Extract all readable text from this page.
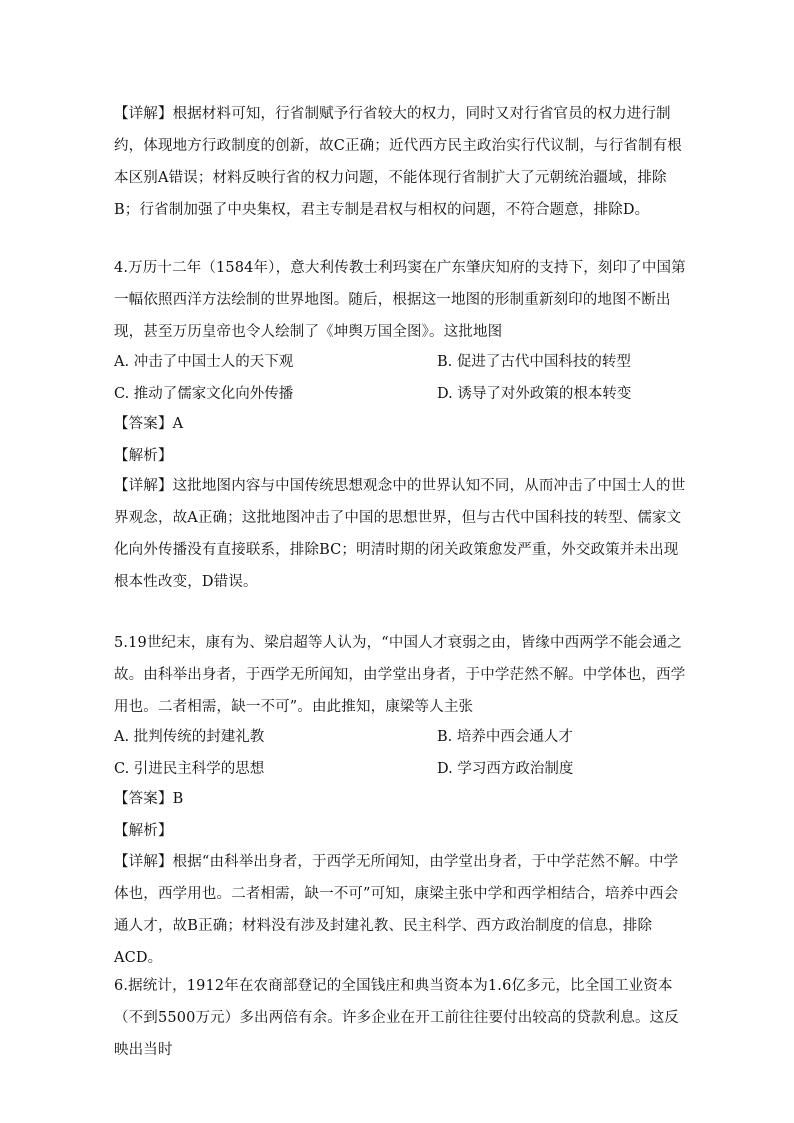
【详解】根据材料可知，行省制赋予行省较大的权力，同时又对行省官员的权力进行制约，体现地方行政制度的创新，故C正确；近代西方民主政治实行代议制，与行省制有根本区别A错误；材料反映行省的权力问题，不能体现行省制扩大了元朝统治疆域，排除B；行省制加强了中央集权，君主专制是君权与相权的问题，不符合题意，排除D。
4.万历十二年（1584年），意大利传教士利玛窦在广东肇庆知府的支持下，刻印了中国第一幅依照西洋方法绘制的世界地图。随后，根据这一地图的形制重新刻印的地图不断出现，甚至万历皇帝也令人绘制了《坤舆万国全图》。这批地图
A. 冲击了中国士人的天下观	B. 促进了古代中国科技的转型
C. 推动了儒家文化向外传播	D. 诱导了对外政策的根本转变
【答案】A
【解析】
【详解】这批地图内容与中国传统思想观念中的世界认知不同，从而冲击了中国士人的世界观念，故A正确；这批地图冲击了中国的思想世界，但与古代中国科技的转型、儒家文化向外传播没有直接联系，排除BC；明清时期的闭关政策愈发严重，外交政策并未出现根本性改变，D错误。
5.19世纪末，康有为、梁启超等人认为，“中国人才衰弱之由，皆缘中西两学不能会通之故。由科举出身者，于西学无所闻知，由学堂出身者，于中学茫然不解。中学体也，西学用也。二者相需，缺一不可”。由此推知，康梁等人主张
A. 批判传统的封建礼教	B. 培养中西会通人才
C. 引进民主科学的思想	D. 学习西方政治制度
【答案】B
【解析】
【详解】根据“由科举出身者，于西学无所闻知，由学堂出身者，于中学茫然不解。中学体也，西学用也。二者相需，缺一不可”可知，康梁主张中学和西学相结合，培养中西会通人才，故B正确；材料没有涉及封建礼教、民主科学、西方政治制度的信息，排除ACD。
6.据统计，1912年在农商部登记的全国钱庄和典当资本为1.6亿多元，比全国工业资本（不到5500万元）多出两倍有余。许多企业在开工前往往要付出较高的贷款利息。这反映出当时
